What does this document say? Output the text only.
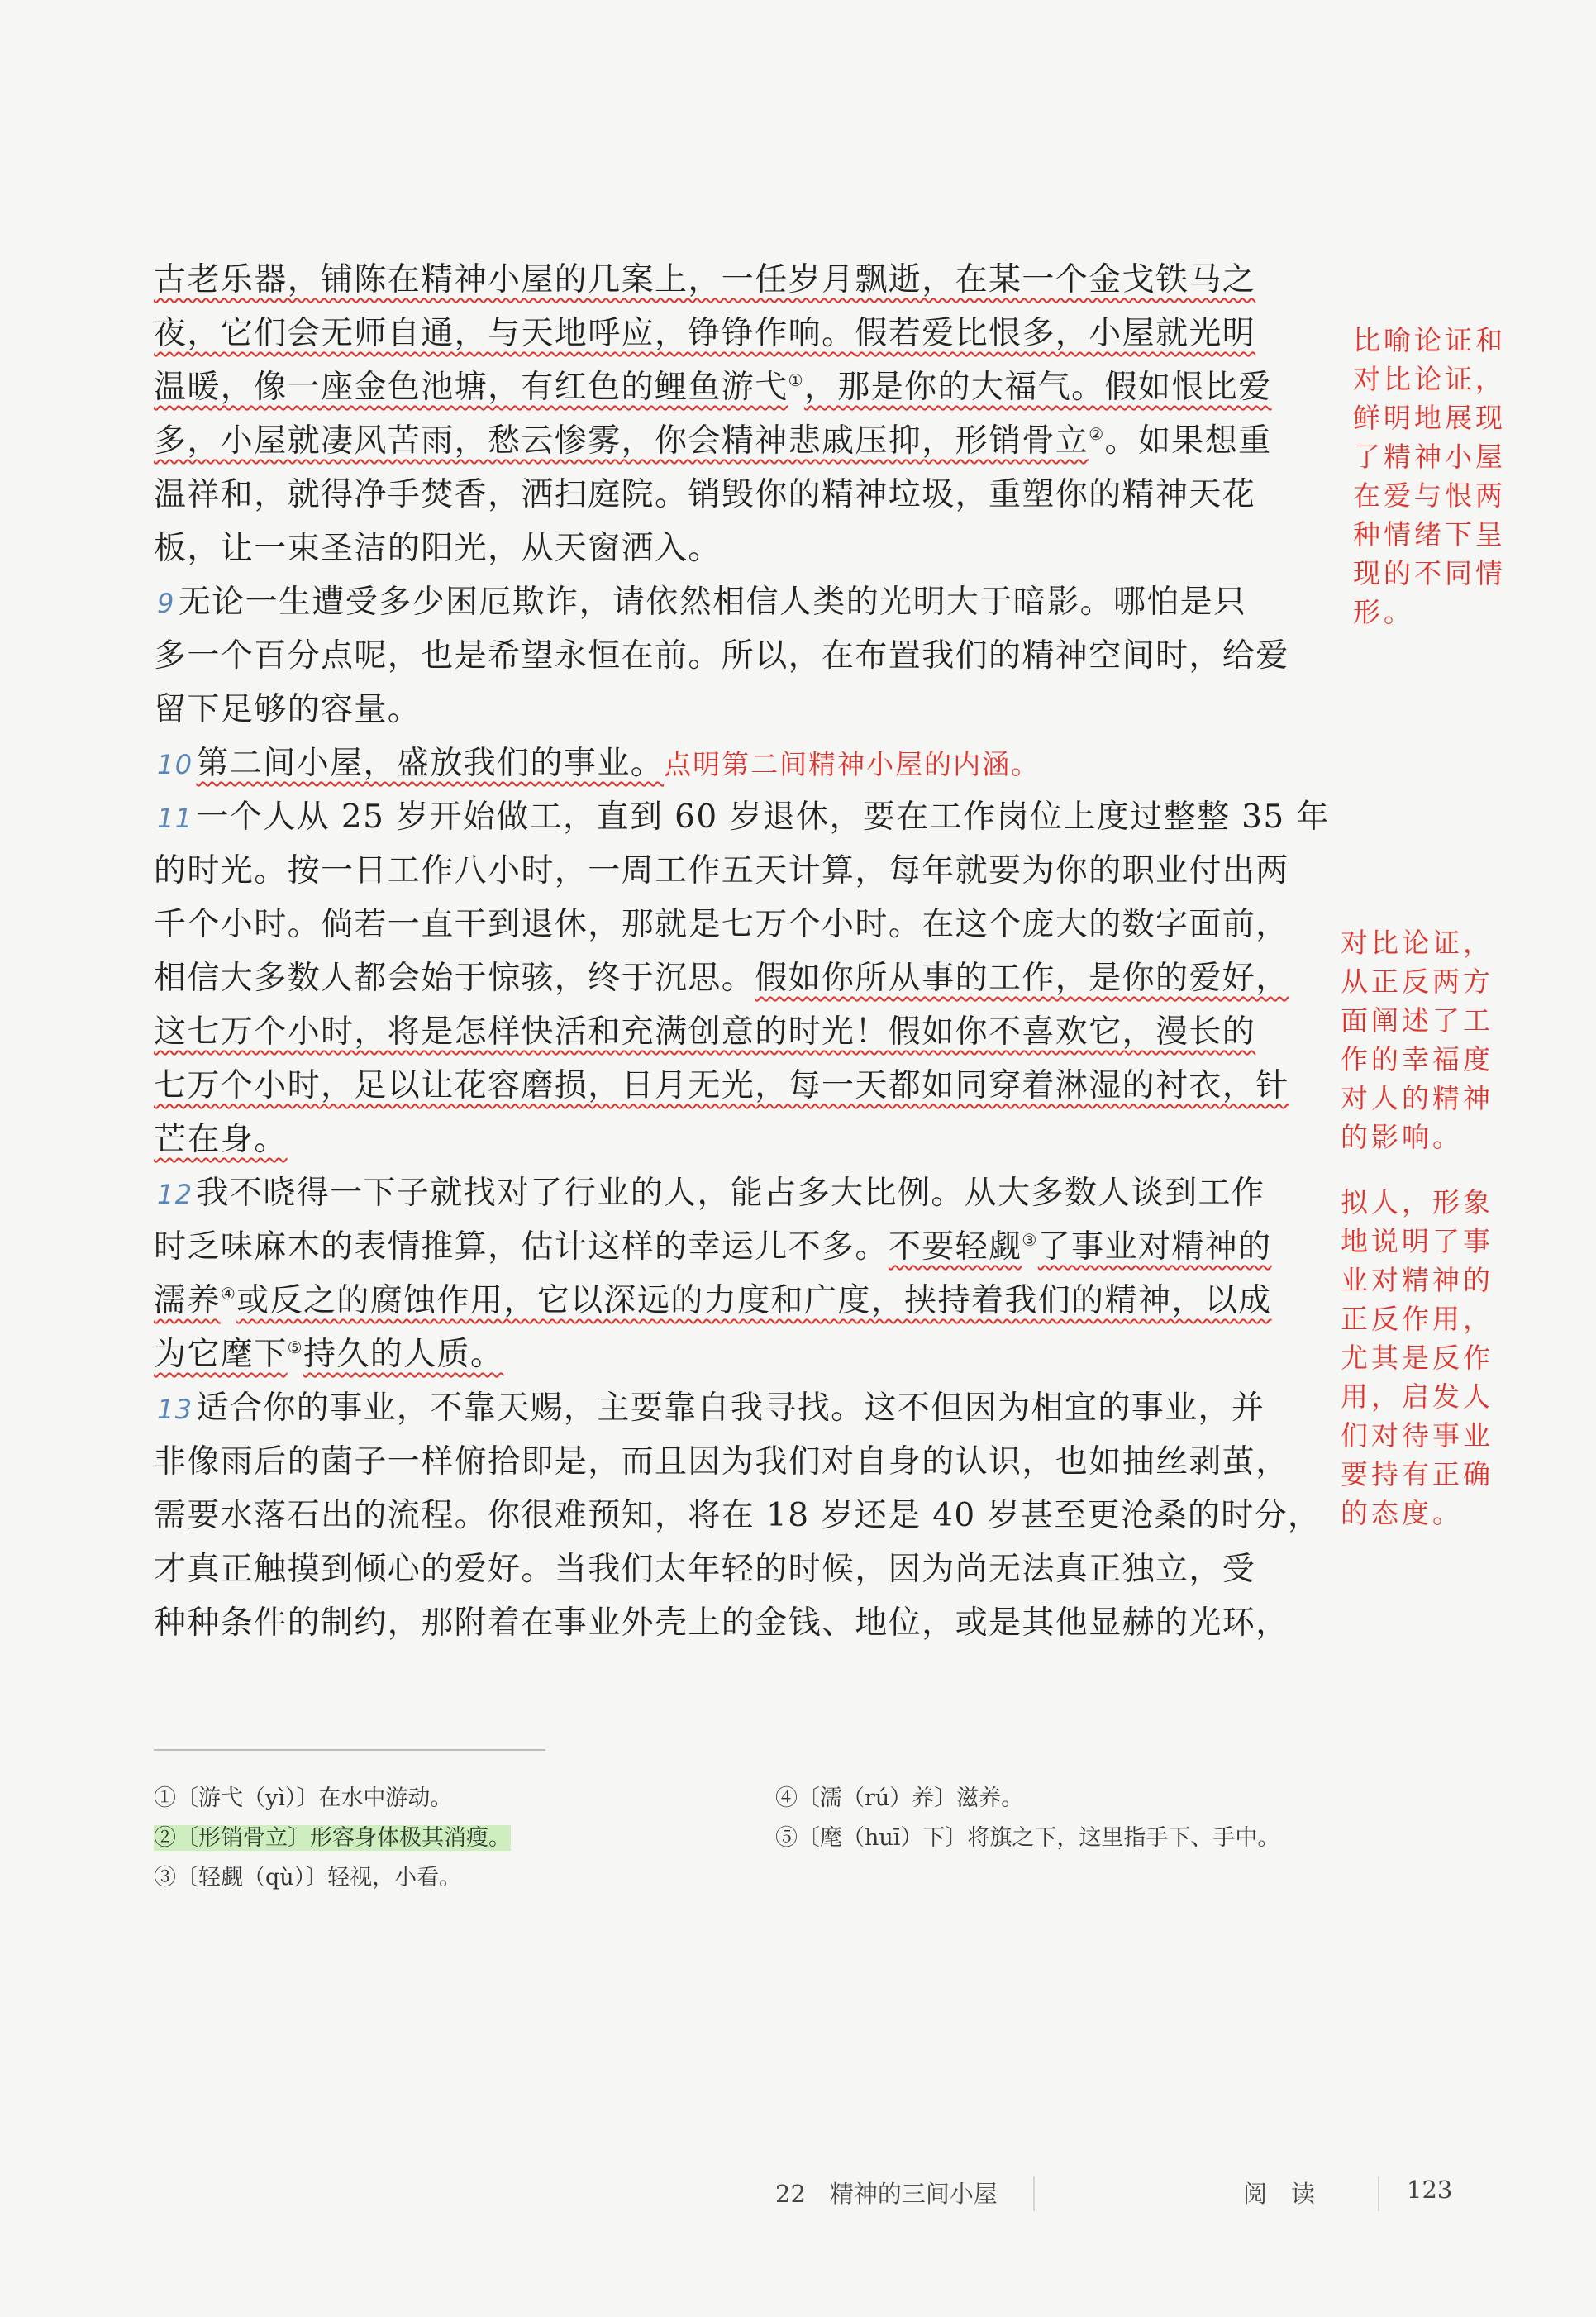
古老乐器，铺陈在精神小屋的几案上，一任岁月飘逝，在某一个金戈铁马之
夜，它们会无师自通，与天地呼应，铮铮作响。假若爱比恨多，小屋就光明
温暖，像一座金色池塘，有红色的鲤鱼游弋①，那是你的大福气。假如恨比爱
多，小屋就凄风苦雨，愁云惨雾，你会精神悲戚压抑，形销骨立②。如果想重
温祥和，就得净手焚香，洒扫庭院。销毁你的精神垃圾，重塑你的精神天花
板，让一束圣洁的阳光，从天窗洒入。
9 无论一生遭受多少困厄欺诈，请依然相信人类的光明大于暗影。哪怕是只
多一个百分点呢，也是希望永恒在前。所以，在布置我们的精神空间时，给爱
留下足够的容量。
10 第二间小屋，盛放我们的事业。点明第二间精神小屋的内涵。
11 一个人从 25 岁开始做工，直到 60 岁退休，要在工作岗位上度过整整 35 年
的时光。按一日工作八小时，一周工作五天计算，每年就要为你的职业付出两
千个小时。倘若一直干到退休，那就是七万个小时。在这个庞大的数字面前，
相信大多数人都会始于惊骇，终于沉思。假如你所从事的工作，是你的爱好，
这七万个小时，将是怎样快活和充满创意的时光！假如你不喜欢它，漫长的
七万个小时，足以让花容磨损，日月无光，每一天都如同穿着淋湿的衬衣，针
芒在身。
12 我不晓得一下子就找对了行业的人，能占多大比例。从大多数人谈到工作
时乏味麻木的表情推算，估计这样的幸运儿不多。不要轻觑③了事业对精神的
濡养④或反之的腐蚀作用，它以深远的力度和广度，挟持着我们的精神，以成
为它麾下⑤持久的人质。
13 适合你的事业，不靠天赐，主要靠自我寻找。这不但因为相宜的事业，并
非像雨后的菌子一样俯拾即是，而且因为我们对自身的认识，也如抽丝剥茧，
需要水落石出的流程。你很难预知，将在 18 岁还是 40 岁甚至更沧桑的时分，
才真正触摸到倾心的爱好。当我们太年轻的时候，因为尚无法真正独立，受
种种条件的制约，那附着在事业外壳上的金钱、地位，或是其他显赫的光环，
比喻论证和
对比论证，
鲜明地展现
了精神小屋
在爱与恨两
种情绪下呈
现的不同情
形。
对比论证，
从正反两方
面阐述了工
作的幸福度
对人的精神
的影响。
拟人，形象
地说明了事
业对精神的
正反作用，
尤其是反作
用，启发人
们对待事业
要持有正确
的态度。
①〔游弋（yì）〕在水中游动。
②〔形销骨立〕形容身体极其消瘦。
③〔轻觑（qù）〕轻视，小看。
④〔濡（rú）养〕滋养。
⑤〔麾（huī）下〕将旗之下，这里指手下、手中。
22　精神的三间小屋	阅　读	123
